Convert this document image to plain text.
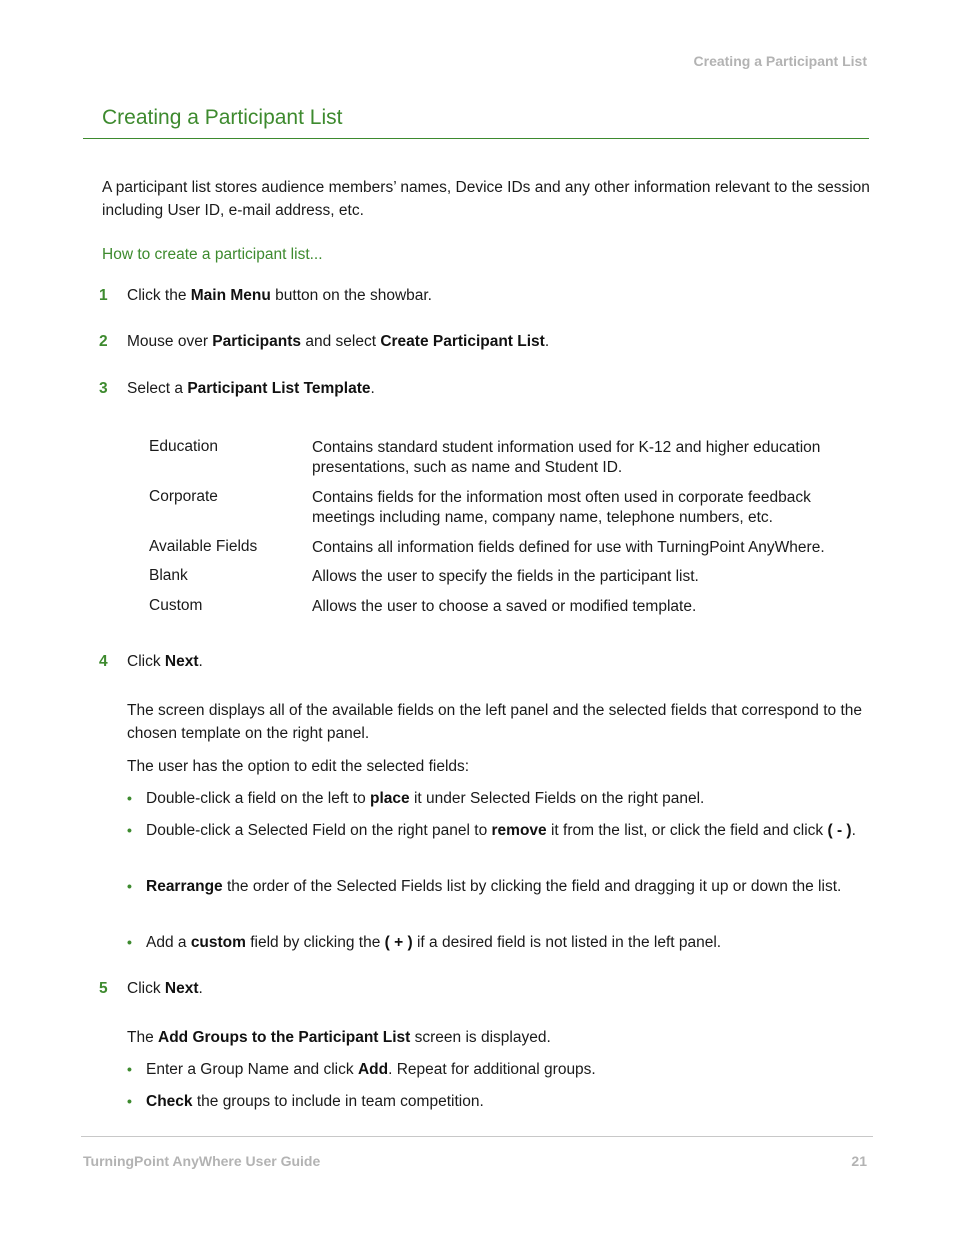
Creating a Participant List
Creating a Participant List
A participant list stores audience members’ names, Device IDs and any other information relevant to the session including User ID, e-mail address, etc.
How to create a participant list...
1 Click the Main Menu button on the showbar.
2 Mouse over Participants and select Create Participant List.
3 Select a Participant List Template.
Education	Contains standard student information used for K-12 and higher education presentations, such as name and Student ID.
Corporate	Contains fields for the information most often used in corporate feedback meetings including name, company name, telephone numbers, etc.
Available Fields	Contains all information fields defined for use with TurningPoint AnyWhere.
Blank	Allows the user to specify the fields in the participant list.
Custom	Allows the user to choose a saved or modified template.
4 Click Next.
The screen displays all of the available fields on the left panel and the selected fields that correspond to the chosen template on the right panel.
The user has the option to edit the selected fields:
• Double-click a field on the left to place it under Selected Fields on the right panel.
• Double-click a Selected Field on the right panel to remove it from the list, or click the field and click ( - ).
• Rearrange the order of the Selected Fields list by clicking the field and dragging it up or down the list.
• Add a custom field by clicking the ( + ) if a desired field is not listed in the left panel.
5 Click Next.
The Add Groups to the Participant List screen is displayed.
• Enter a Group Name and click Add. Repeat for additional groups.
• Check the groups to include in team competition.
TurningPoint AnyWhere User Guide	21
